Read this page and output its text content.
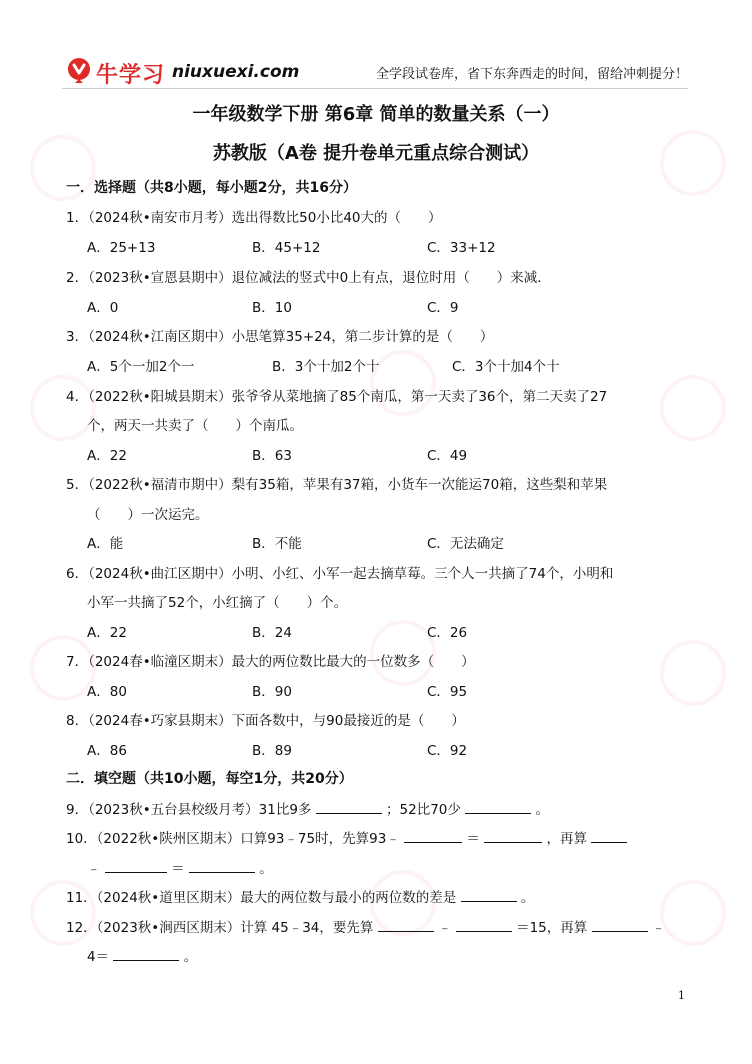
牛学习 niuxuexi.com	全学段试卷库，省下东奔西走的时间，留给冲刺提分！
一年级数学下册 第6章 简单的数量关系（一）
苏教版（A卷 提升卷单元重点综合测试）
一．选择题（共8小题，每小题2分，共16分）
1．（2024秋•南安市月考）选出得数比50小比40大的（　　）
A．25+13	B．45+12	C．33+12
2．（2023秋•宣恩县期中）退位减法的竖式中0上有点，退位时用（　　）来减．
A．0	B．10	C．9
3．（2024秋•江南区期中）小思笔算35+24，第二步计算的是（　　）
A．5个一加2个一	B．3个十加2个十	C．3个十加4个十
4．（2022秋•阳城县期末）张爷爷从菜地摘了85个南瓜，第一天卖了36个，第二天卖了27
个，两天一共卖了（　　）个南瓜。
A．22	B．63	C．49
5．（2022秋•福清市期中）梨有35箱，苹果有37箱，小货车一次能运70箱，这些梨和苹果
（　　）一次运完。
A．能	B．不能	C．无法确定
6．（2024秋•曲江区期中）小明、小红、小军一起去摘草莓。三个人一共摘了74个，小明和
小军一共摘了52个，小红摘了（　　）个。
A．22	B．24	C．26
7．（2024春•临潼区期末）最大的两位数比最大的一位数多（　　）
A．80	B．90	C．95
8．（2024春•巧家县期末）下面各数中，与90最接近的是（　　）
A．86	B．89	C．92
二．填空题（共10小题，每空1分，共20分）
9．（2023秋•五台县校级月考）31比9多	；52比70少	。
10．（2022秋•陕州区期末）口算93﹣75时，先算93﹣	＝	，再算
﹣	＝	。
11．（2024秋•道里区期末）最大的两位数与最小的两位数的差是	。
12．（2023秋•涧西区期末）计算 45﹣34，要先算	﹣	＝15，再算	﹣
4＝	。
1
